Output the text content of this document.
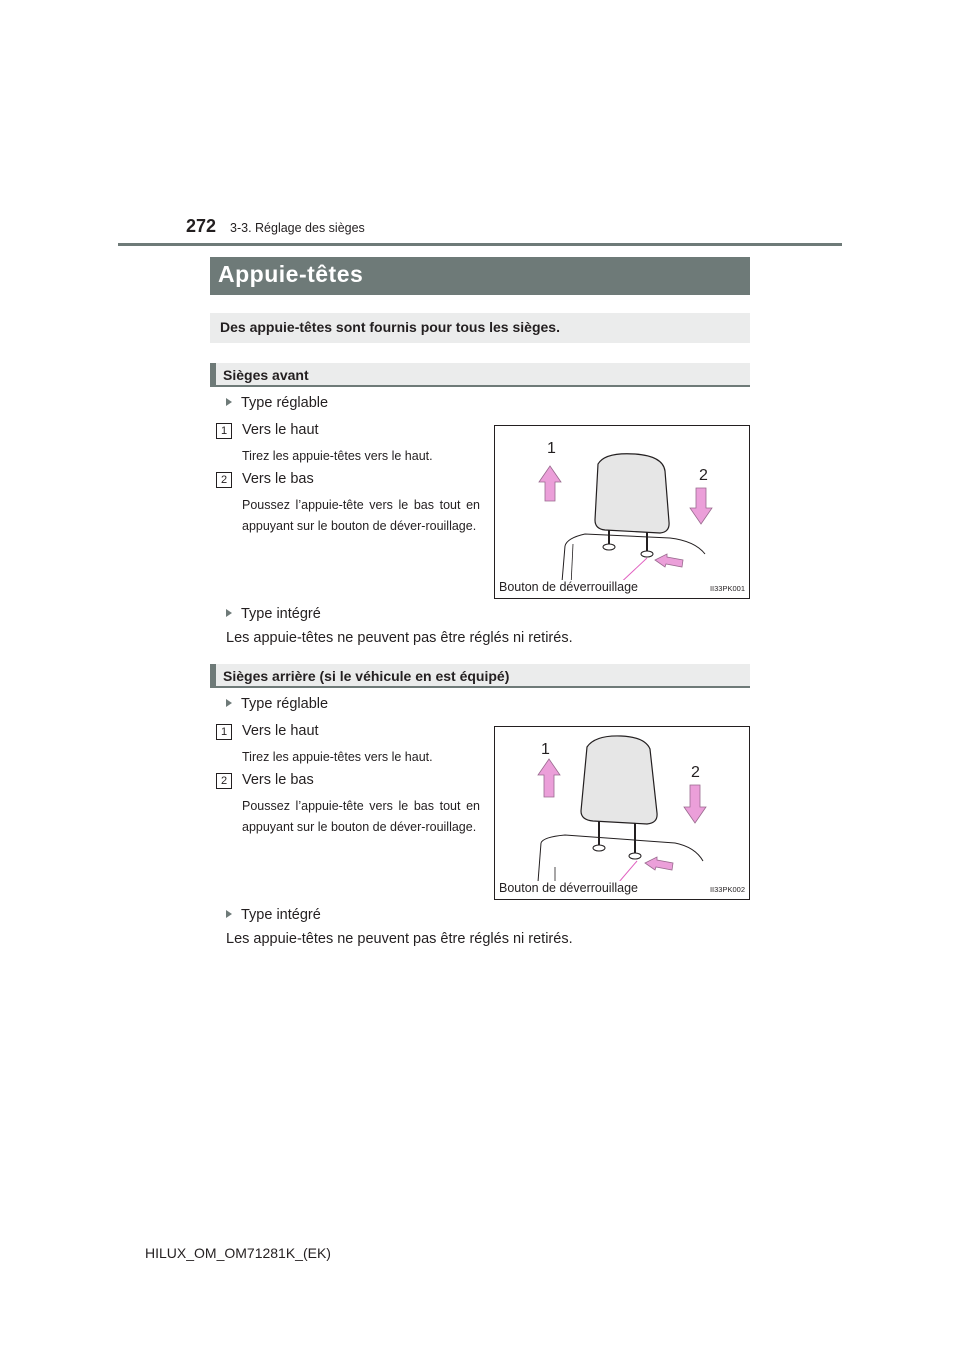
272 3-3. Réglage des sièges
Appuie-têtes
Des appuie-têtes sont fournis pour tous les sièges.
Sièges avant
Type réglable
1	Vers le haut
Tirez les appuie-têtes vers le haut.
2	Vers le bas
Poussez l’appuie-tête vers le bas tout en appuyant sur le bouton de déver-rouillage.
1
2
Bouton de déverrouillage	II33PK001
Type intégré
Les appuie-têtes ne peuvent pas être réglés ni retirés.
Sièges arrière (si le véhicule en est équipé)
Type réglable
1	Vers le haut
Tirez les appuie-têtes vers le haut.
2	Vers le bas
Poussez l’appuie-tête vers le bas tout en appuyant sur le bouton de déver-rouillage.
1
2
Bouton de déverrouillage	II33PK002
Type intégré
Les appuie-têtes ne peuvent pas être réglés ni retirés.
HILUX_OM_OM71281K_(EK)
